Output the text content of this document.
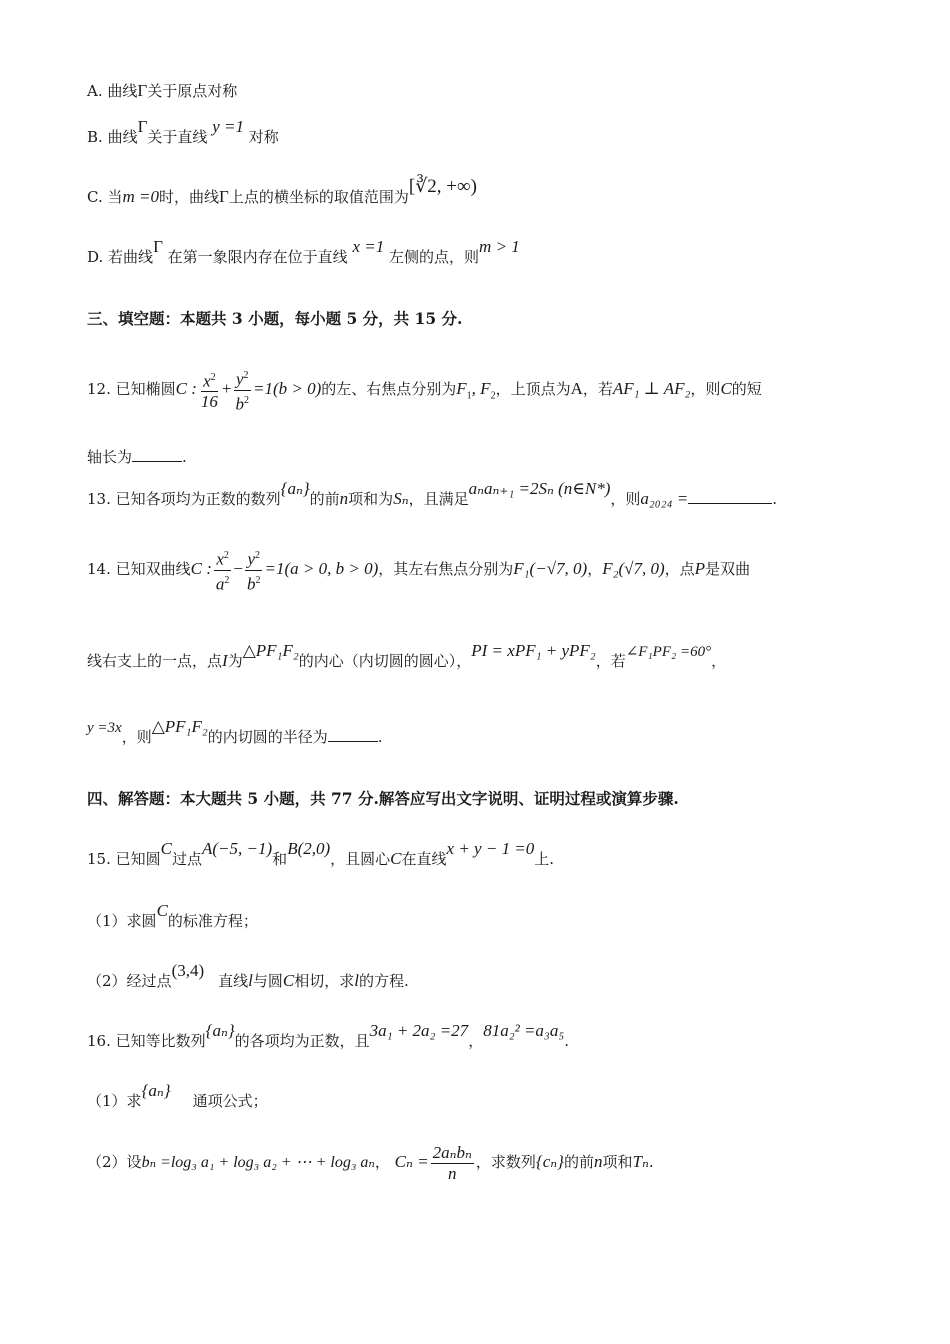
A. 曲线Γ关于原点对称
B. 曲线Γ关于直线 y =1 对称
C. 当m =0时，曲线Γ上点的横坐标的取值范围为[∛2, +∞)
D. 若曲线Γ 在第一象限内存在位于直线 x =1 左侧的点，则m > 1
三、填空题：本题共 3 小题，每小题 5 分，共 15 分.
12. 已知椭圆C : $\frac{x^2}{16} + \frac{y^2}{b^2} =1(b > 0)$的左、右焦点分别为$F_1$, $F_2$，上顶点为A，若AF₁ ⊥ AF₂，则C的短
轴长为	.
13. 已知各项均为正数的数列{aₙ}的前n项和为Sₙ，且满足aₙaₙ₊₁ =2Sₙ (n∈N*)，则a₂₀₂₄ =	.
14. 已知双曲线C : $\frac{x^2}{a^2} - \frac{y^2}{b^2} =1(a > 0$, b > 0)，其左右焦点分别为F₁(−√7, 0)，F₂(√7, 0)，点P是双曲
线右支上的一点，点I为△PF₁F₂的内心（内切圆的圆心），PI = xPF₁ + yPF₂，若∠F₁PF₂ =60°，
y =3x，则△PF₁F₂的内切圆的半径为	.
四、解答题：本大题共 5 小题，共 77 分.解答应写出文字说明、证明过程或演算步骤.
15. 已知圆C过点A(−5, −1)和B(2,0)，且圆心C在直线x + y − 1 =0上.
（1）求圆C的标准方程；
（2）经过点(3,4)直线l与圆C相切，求l的方程.
16. 已知等比数列{aₙ}的各项均为正数，且3a₁ + 2a₂ =27，81a₂² =a₃a₅.
（1）求{aₙ}通项公式；
（2）设bₙ =log₃ a₁ + log₃ a₂ + ⋯ + log₃ aₙ， $C_n = \frac{\text{2aₙbₙ}}{n}$ ，求数列{cₙ}的前n项和Tₙ.
